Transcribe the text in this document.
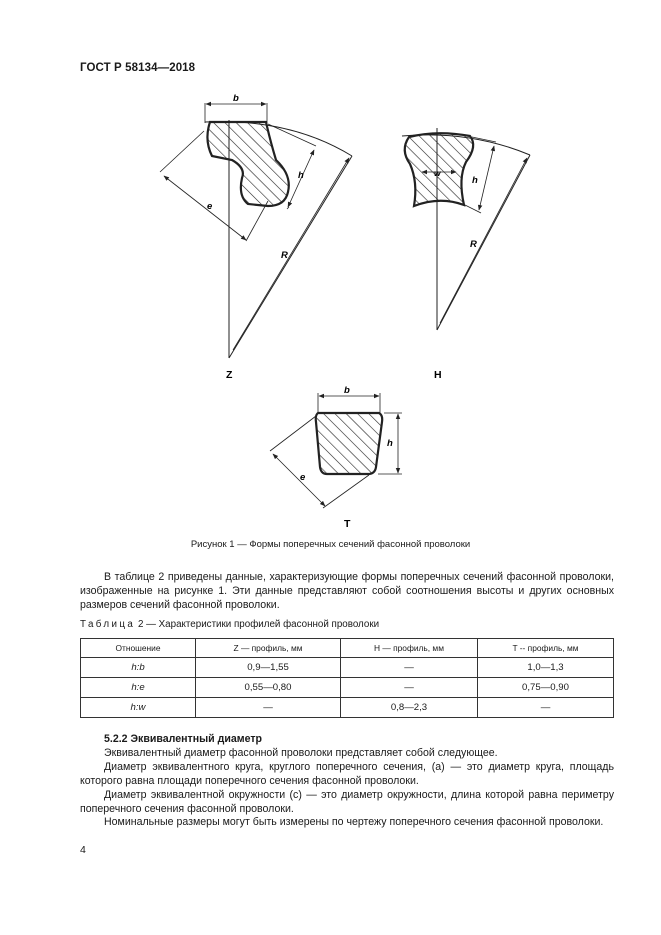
ГОСТ Р 58134—2018
b
e
h
R
Z
w
h
R
H
b
h
e
T
Рисунок 1 — Формы поперечных сечений фасонной проволоки
В таблице 2 приведены данные, характеризующие формы поперечных сечений фасонной проволоки, изображенные на рисунке 1. Эти данные представляют собой соотношения высоты и других основных размеров сечений фасонной проволоки.
Таблица 2 — Характеристики профилей фасонной проволоки
Отношение	Z — профиль, мм	H — профиль, мм	T -- профиль, мм
h:b	0,9—1,55	—	1,0—1,3
h:e	0,55—0,80	—	0,75—0,90
h:w	—	0,8—2,3	—
5.2.2 Эквивалентный диаметр
Эквивалентный диаметр фасонной проволоки представляет собой следующее.
Диаметр эквивалентного круга, круглого поперечного сечения, (a) — это диаметр круга, площадь которого равна площади поперечного сечения фасонной проволоки.
Диаметр эквивалентной окружности (c) — это диаметр окружности, длина которой равна периметру поперечного сечения фасонной проволоки.
Номинальные размеры могут быть измерены по чертежу поперечного сечения фасонной проволоки.
4
